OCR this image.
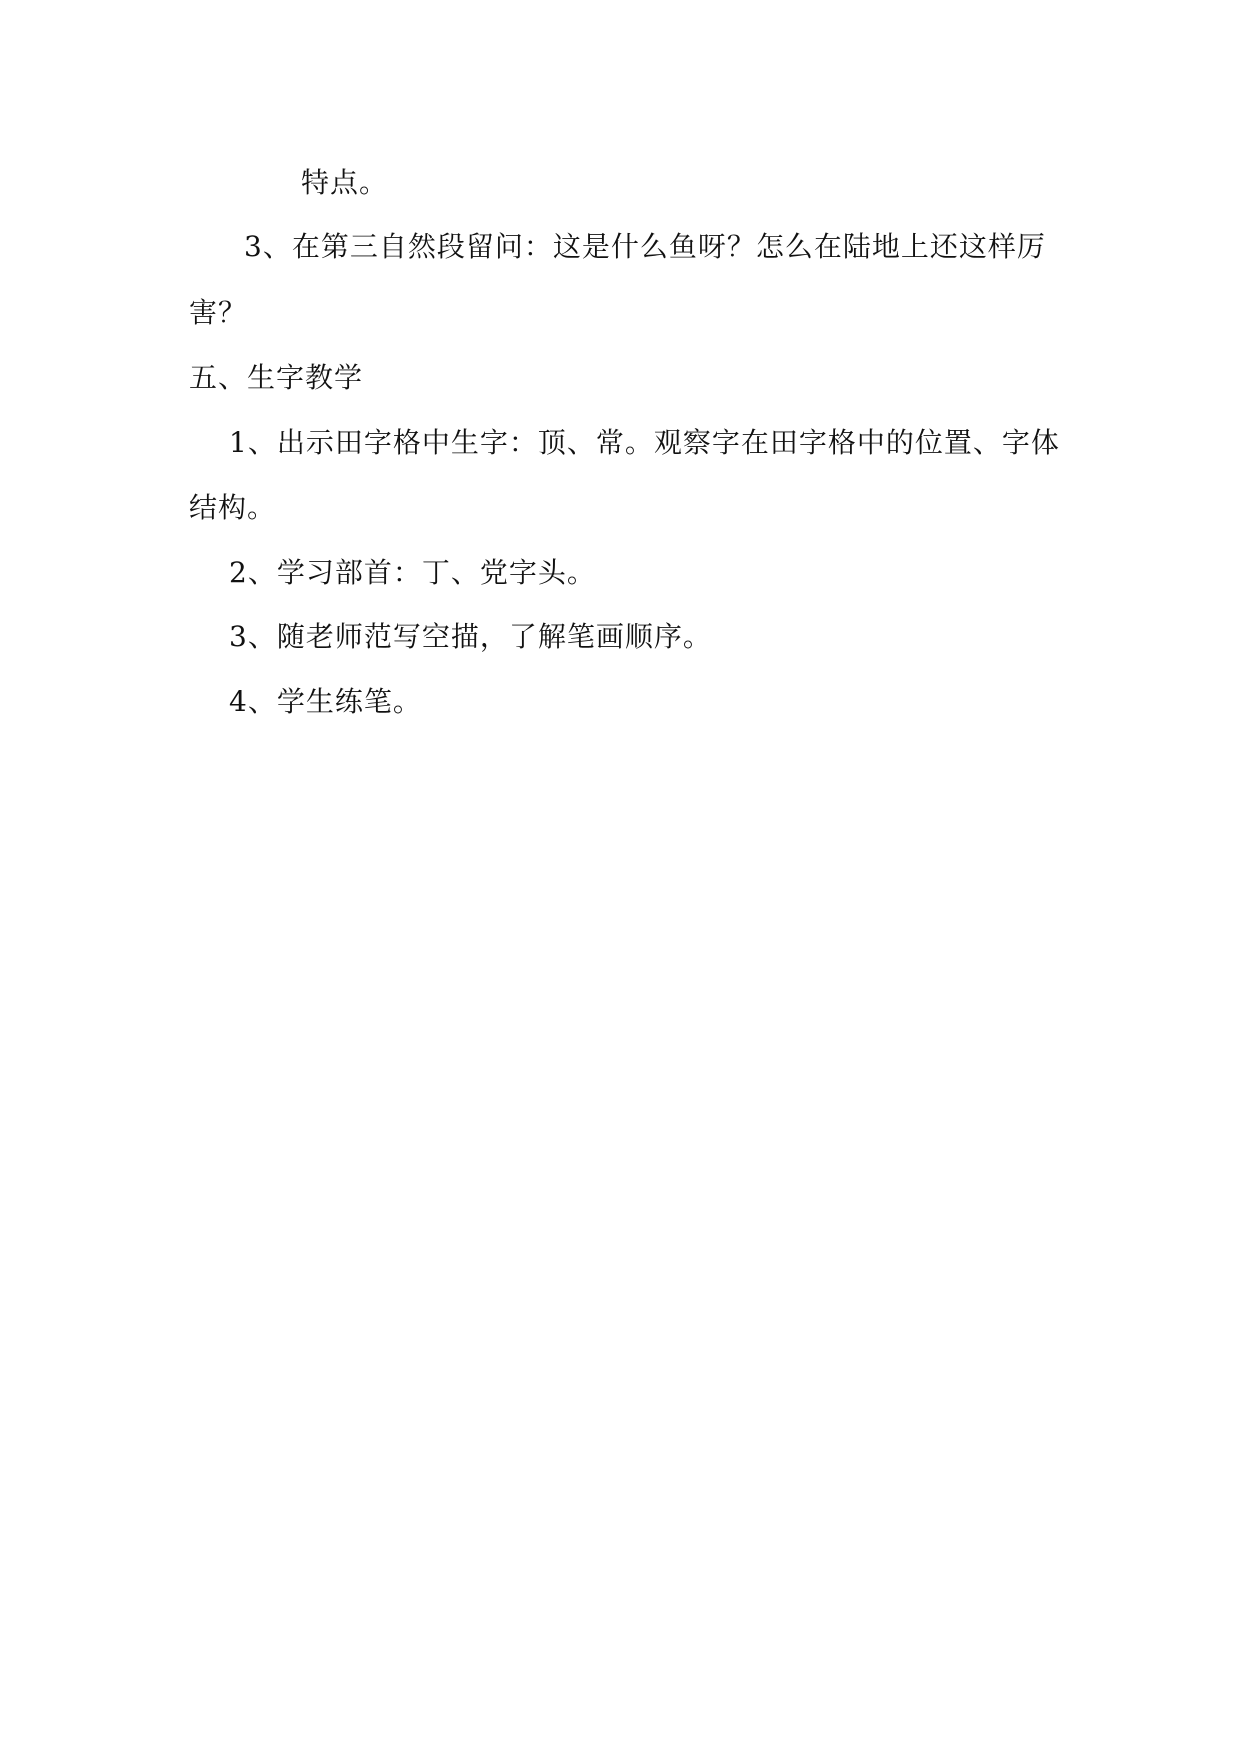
特点。
3、在第三自然段留问：这是什么鱼呀？怎么在陆地上还这样厉
害？
五、生字教学
1、出示田字格中生字：顶、常。观察字在田字格中的位置、字体
结构。
2、学习部首：丁、党字头。
3、随老师范写空描，了解笔画顺序。
4、学生练笔。
